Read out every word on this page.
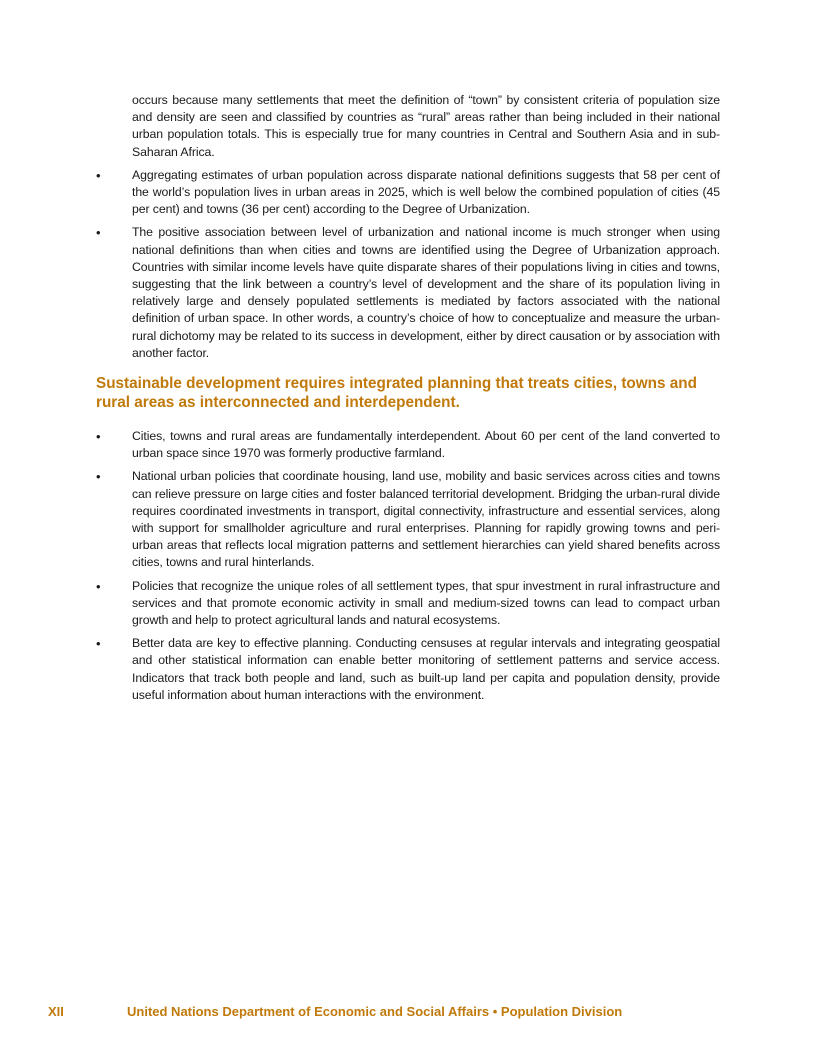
occurs because many settlements that meet the definition of “town” by consistent criteria of population size and density are seen and classified by countries as “rural” areas rather than being included in their national urban population totals. This is especially true for many countries in Central and Southern Asia and in sub-Saharan Africa.

•	Aggregating estimates of urban population across disparate national definitions suggests that 58 per cent of the world’s population lives in urban areas in 2025, which is well below the combined population of cities (45 per cent) and towns (36 per cent) according to the Degree of Urbanization.
•	The positive association between level of urbanization and national income is much stronger when using national definitions than when cities and towns are identified using the Degree of Urbanization approach. Countries with similar income levels have quite disparate shares of their populations living in cities and towns, suggesting that the link between a country’s level of development and the share of its population living in relatively large and densely populated settlements is mediated by factors associated with the national definition of urban space. In other words, a country’s choice of how to conceptualize and measure the urban-rural dichotomy may be related to its success in development, either by direct causation or by association with another factor.
Sustainable development requires integrated planning that treats cities, towns and rural areas as interconnected and interdependent.
•	Cities, towns and rural areas are fundamentally interdependent. About 60 per cent of the land converted to urban space since 1970 was formerly productive farmland.
•	National urban policies that coordinate housing, land use, mobility and basic services across cities and towns can relieve pressure on large cities and foster balanced territorial development. Bridging the urban-rural divide requires coordinated investments in transport, digital connectivity, infrastructure and essential services, along with support for smallholder agriculture and rural enterprises. Planning for rapidly growing towns and peri-urban areas that reflects local migration patterns and settlement hierarchies can yield shared benefits across cities, towns and rural hinterlands.
•	Policies that recognize the unique roles of all settlement types, that spur investment in rural infrastructure and services and that promote economic activity in small and medium-sized towns can lead to compact urban growth and help to protect agricultural lands and natural ecosystems.
•	Better data are key to effective planning. Conducting censuses at regular intervals and integrating geospatial and other statistical information can enable better monitoring of settlement patterns and service access. Indicators that track both people and land, such as built-up land per capita and population density, provide useful information about human interactions with the environment.
XII	United Nations Department of Economic and Social Affairs • Population Division
